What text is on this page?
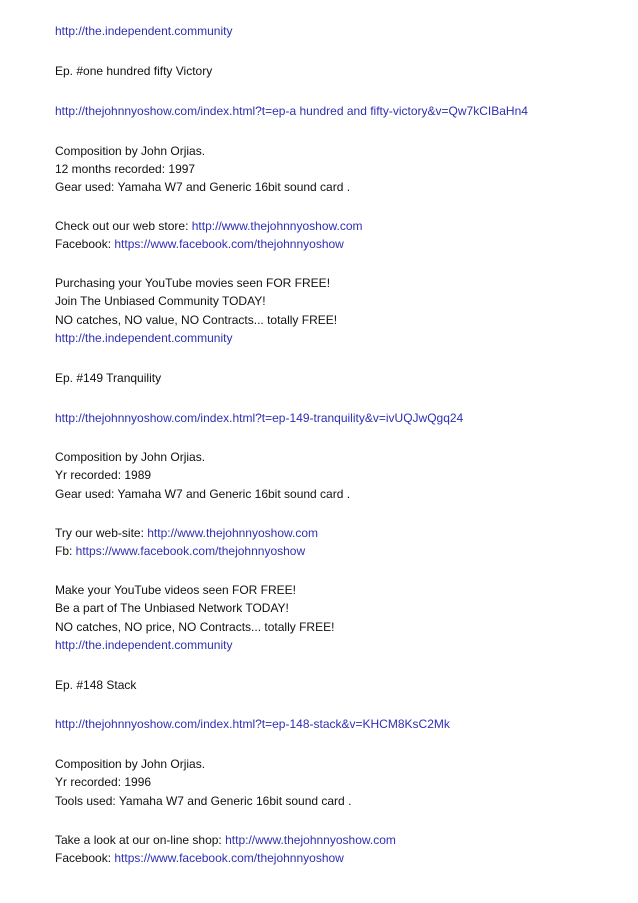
http://the.independent.community
Ep. #one hundred fifty Victory
http://thejohnnyoshow.com/index.html?t=ep-a hundred and fifty-victory&v=Qw7kCIBaHn4
Composition by John Orjias.
12 months recorded: 1997
Gear used: Yamaha W7 and Generic 16bit sound card .
Check out our web store: http://www.thejohnnyoshow.com
Facebook: https://www.facebook.com/thejohnnyoshow
Purchasing your YouTube movies seen FOR FREE!
Join The Unbiased Community TODAY!
NO catches, NO value, NO Contracts... totally FREE!
http://the.independent.community
Ep. #149 Tranquility
http://thejohnnyoshow.com/index.html?t=ep-149-tranquility&v=ivUQJwQgq24
Composition by John Orjias.
Yr recorded: 1989
Gear used: Yamaha W7 and Generic 16bit sound card .
Try our web-site: http://www.thejohnnyoshow.com
Fb: https://www.facebook.com/thejohnnyoshow
Make your YouTube videos seen FOR FREE!
Be a part of The Unbiased Network TODAY!
NO catches, NO price, NO Contracts... totally FREE!
http://the.independent.community
Ep. #148 Stack
http://thejohnnyoshow.com/index.html?t=ep-148-stack&v=KHCM8KsC2Mk
Composition by John Orjias.
Yr recorded: 1996
Tools used: Yamaha W7 and Generic 16bit sound card .
Take a look at our on-line shop: http://www.thejohnnyoshow.com
Facebook: https://www.facebook.com/thejohnnyoshow
